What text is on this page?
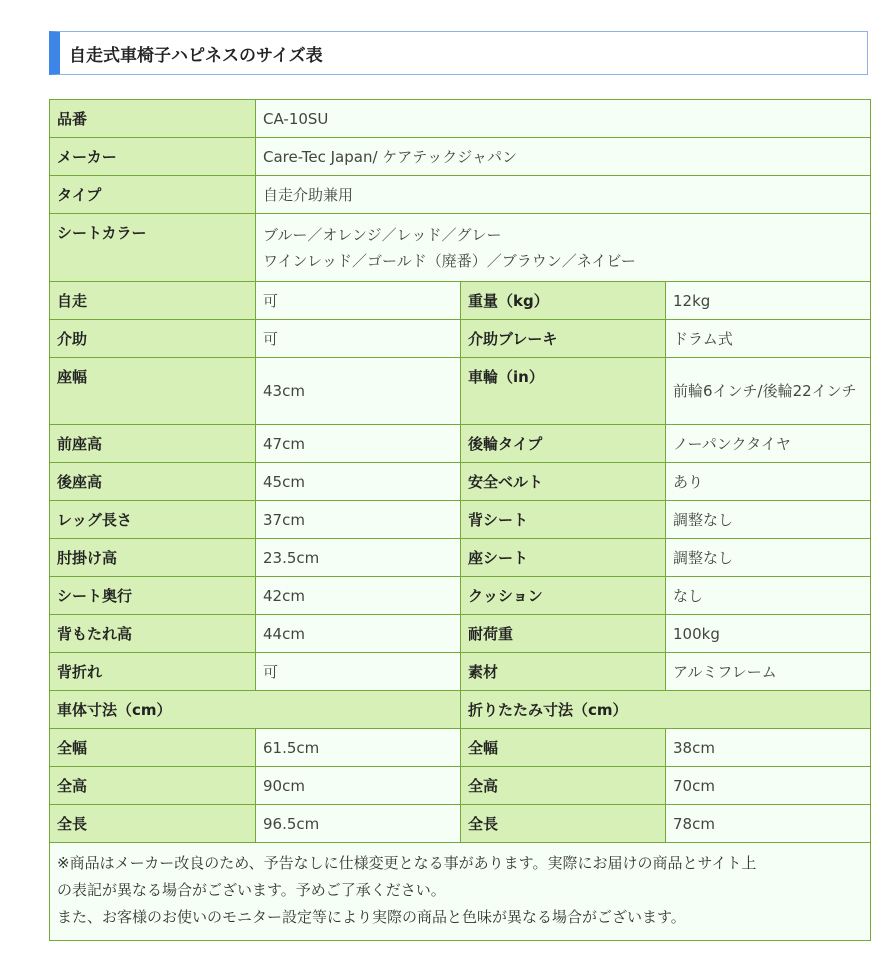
自走式車椅子ハピネスのサイズ表
品番	CA-10SU		
メーカー	Care-Tec Japan/ ケアテックジャパン		
タイプ	自走介助兼用		
シートカラー	ブルー／オレンジ／レッド／グレー
ワインレッド／ゴールド（廃番）／ブラウン／ネイビー		

自走	可	重量（kg）	12kg
介助	可	介助ブレーキ	ドラム式
座幅	43cm	車輪（in）	前輪6インチ/後輪22インチ
前座高	47cm	後輪タイプ	ノーパンクタイヤ
後座高	45cm	安全ベルト	あり
レッグ長さ	37cm	背シート	調整なし
肘掛け高	23.5cm	座シート	調整なし
シート奥行	42cm	クッション	なし
背もたれ高	44cm	耐荷重	100kg
背折れ	可	素材	アルミフレーム
車体寸法（cm）		折りたたみ寸法（cm）	
全幅	61.5cm	全幅	38cm
全高	90cm	全高	70cm
全長	96.5cm	全長	78cm

※商品はメーカー改良のため、予告なしに仕様変更となる事があります。実際にお届けの商品とサイト上
の表記が異なる場合がございます。予めご了承ください。
また、お客様のお使いのモニター設定等により実際の商品と色味が異なる場合がございます。			
